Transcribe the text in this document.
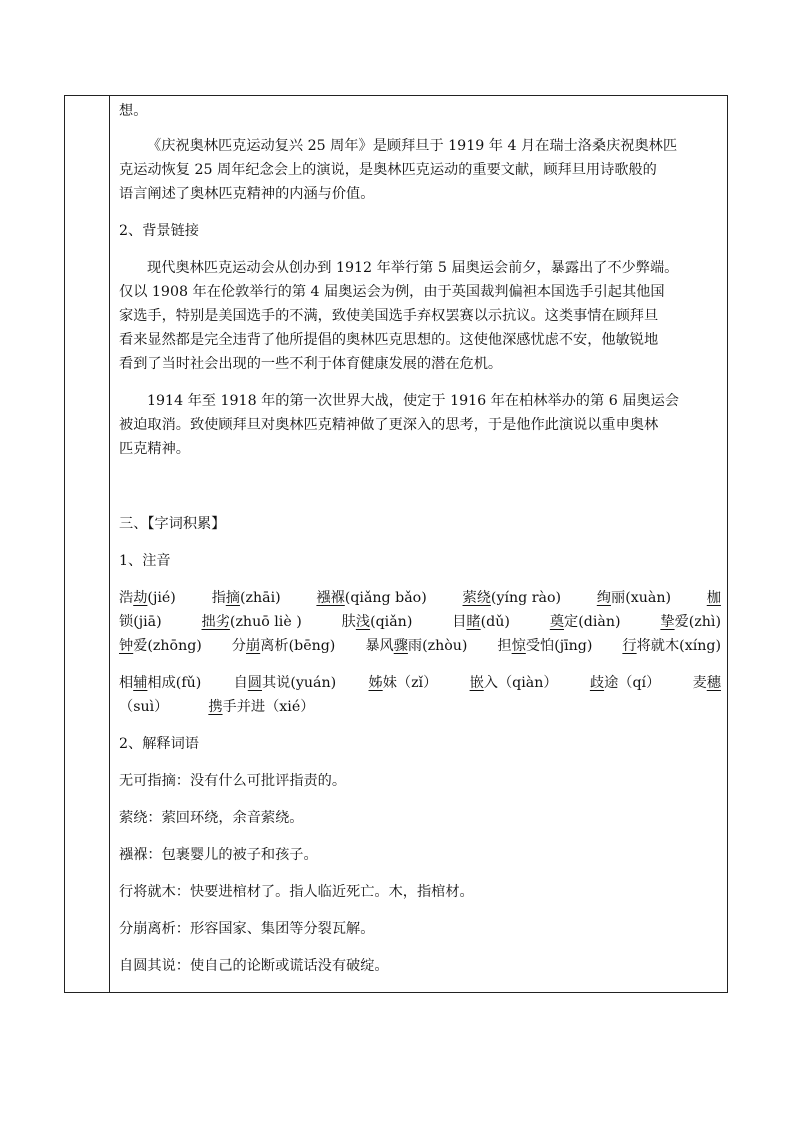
想。

《庆祝奥林匹克运动复兴 25 周年》是顾拜旦于 1919 年 4 月在瑞士洛桑庆祝奥林匹

克运动恢复 25 周年纪念会上的演说，是奥林匹克运动的重要文献，顾拜旦用诗歌般的

语言阐述了奥林匹克精神的内涵与价值。

2、背景链接

现代奥林匹克运动会从创办到 1912 年举行第 5 届奥运会前夕，暴露出了不少弊端。

仅以 1908 年在伦敦举行的第 4 届奥运会为例，由于英国裁判偏袒本国选手引起其他国

家选手，特别是美国选手的不满，致使美国选手弃权罢赛以示抗议。这类事情在顾拜旦

看来显然都是完全违背了他所提倡的奥林匹克思想的。这使他深感忧虑不安，他敏锐地

看到了当时社会出现的一些不利于体育健康发展的潜在危机。

1914 年至 1918 年的第一次世界大战，使定于 1916 年在柏林举办的第 6 届奥运会

被迫取消。致使顾拜旦对奥林匹克精神做了更深入的思考，于是他作此演说以重申奥林

匹克精神。

三、【字词积累】

1、注音

浩劫(jié)	指摘(zhāi)	襁褓(qiǎng bǎo)	萦绕(yíng rào)	绚丽(xuàn)	枷
锁(jiā)	拙劣(zhuō liè )	肤浅(qiǎn)	目睹(dǔ)	奠定(diàn)	挚爱(zhì)
钟爱(zhōng) 分崩离析(bēng) 暴风骤雨(zhòu) 担惊受怕(jīng) 行将就木(xíng)
相辅相成(fǔ) 自圆其说(yuán) 姊妹（zǐ） 嵌入（qiàn） 歧途（qí） 麦穗
（suì）	携手并进（xié）

2、解释词语

无可指摘：没有什么可批评指责的。

萦绕：萦回环绕，余音萦绕。

襁褓：包裹婴儿的被子和孩子。

行将就木：快要进棺材了。指人临近死亡。木，指棺材。

分崩离析：形容国家、集团等分裂瓦解。

自圆其说：使自己的论断或谎话没有破绽。
